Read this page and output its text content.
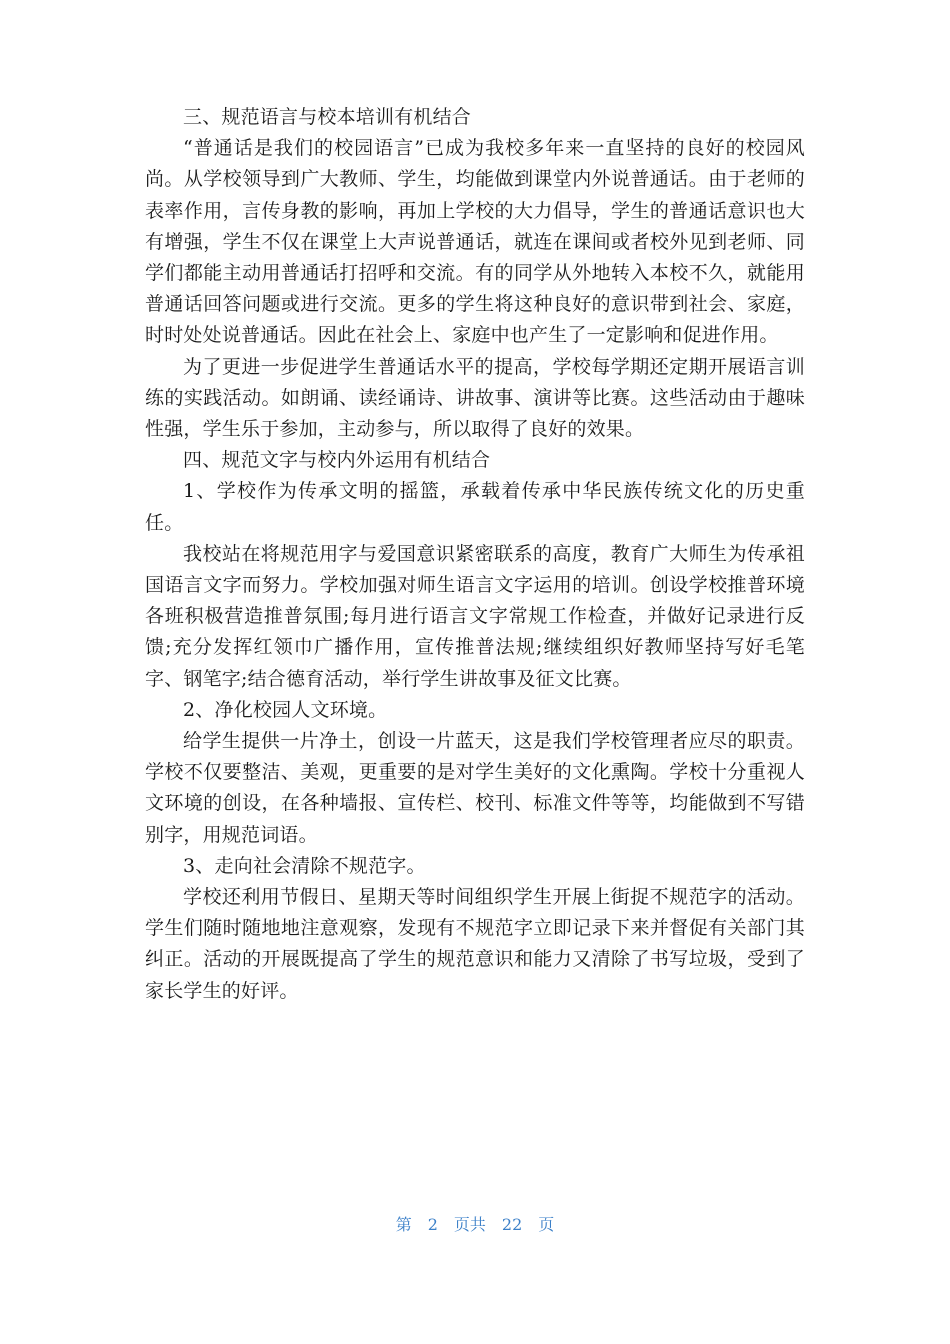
三、规范语言与校本培训有机结合

“普通话是我们的校园语言”已成为我校多年来一直坚持的良好的校园风尚。从学校领导到广大教师、学生，均能做到课堂内外说普通话。由于老师的表率作用，言传身教的影响，再加上学校的大力倡导，学生的普通话意识也大有增强，学生不仅在课堂上大声说普通话，就连在课间或者校外见到老师、同学们都能主动用普通话打招呼和交流。有的同学从外地转入本校不久，就能用普通话回答问题或进行交流。更多的学生将这种良好的意识带到社会、家庭，时时处处说普通话。因此在社会上、家庭中也产生了一定影响和促进作用。

为了更进一步促进学生普通话水平的提高，学校每学期还定期开展语言训练的实践活动。如朗诵、读经诵诗、讲故事、演讲等比赛。这些活动由于趣味性强，学生乐于参加，主动参与，所以取得了良好的效果。

四、规范文字与校内外运用有机结合

1、学校作为传承文明的摇篮，承载着传承中华民族传统文化的历史重任。

我校站在将规范用字与爱国意识紧密联系的高度，教育广大师生为传承祖国语言文字而努力。学校加强对师生语言文字运用的培训。创设学校推普环境各班积极营造推普氛围;每月进行语言文字常规工作检查，并做好记录进行反馈;充分发挥红领巾广播作用，宣传推普法规;继续组织好教师坚持写好毛笔字、钢笔字;结合德育活动，举行学生讲故事及征文比赛。

2、净化校园人文环境。

给学生提供一片净土，创设一片蓝天，这是我们学校管理者应尽的职责。学校不仅要整洁、美观，更重要的是对学生美好的文化熏陶。学校十分重视人文环境的创设，在各种墙报、宣传栏、校刊、标准文件等等，均能做到不写错别字，用规范词语。

3、走向社会清除不规范字。

学校还利用节假日、星期天等时间组织学生开展上街捉不规范字的活动。学生们随时随地地注意观察，发现有不规范字立即记录下来并督促有关部门其纠正。活动的开展既提高了学生的规范意识和能力又清除了书写垃圾，受到了家长学生的好评。

第 2 页共 22 页
